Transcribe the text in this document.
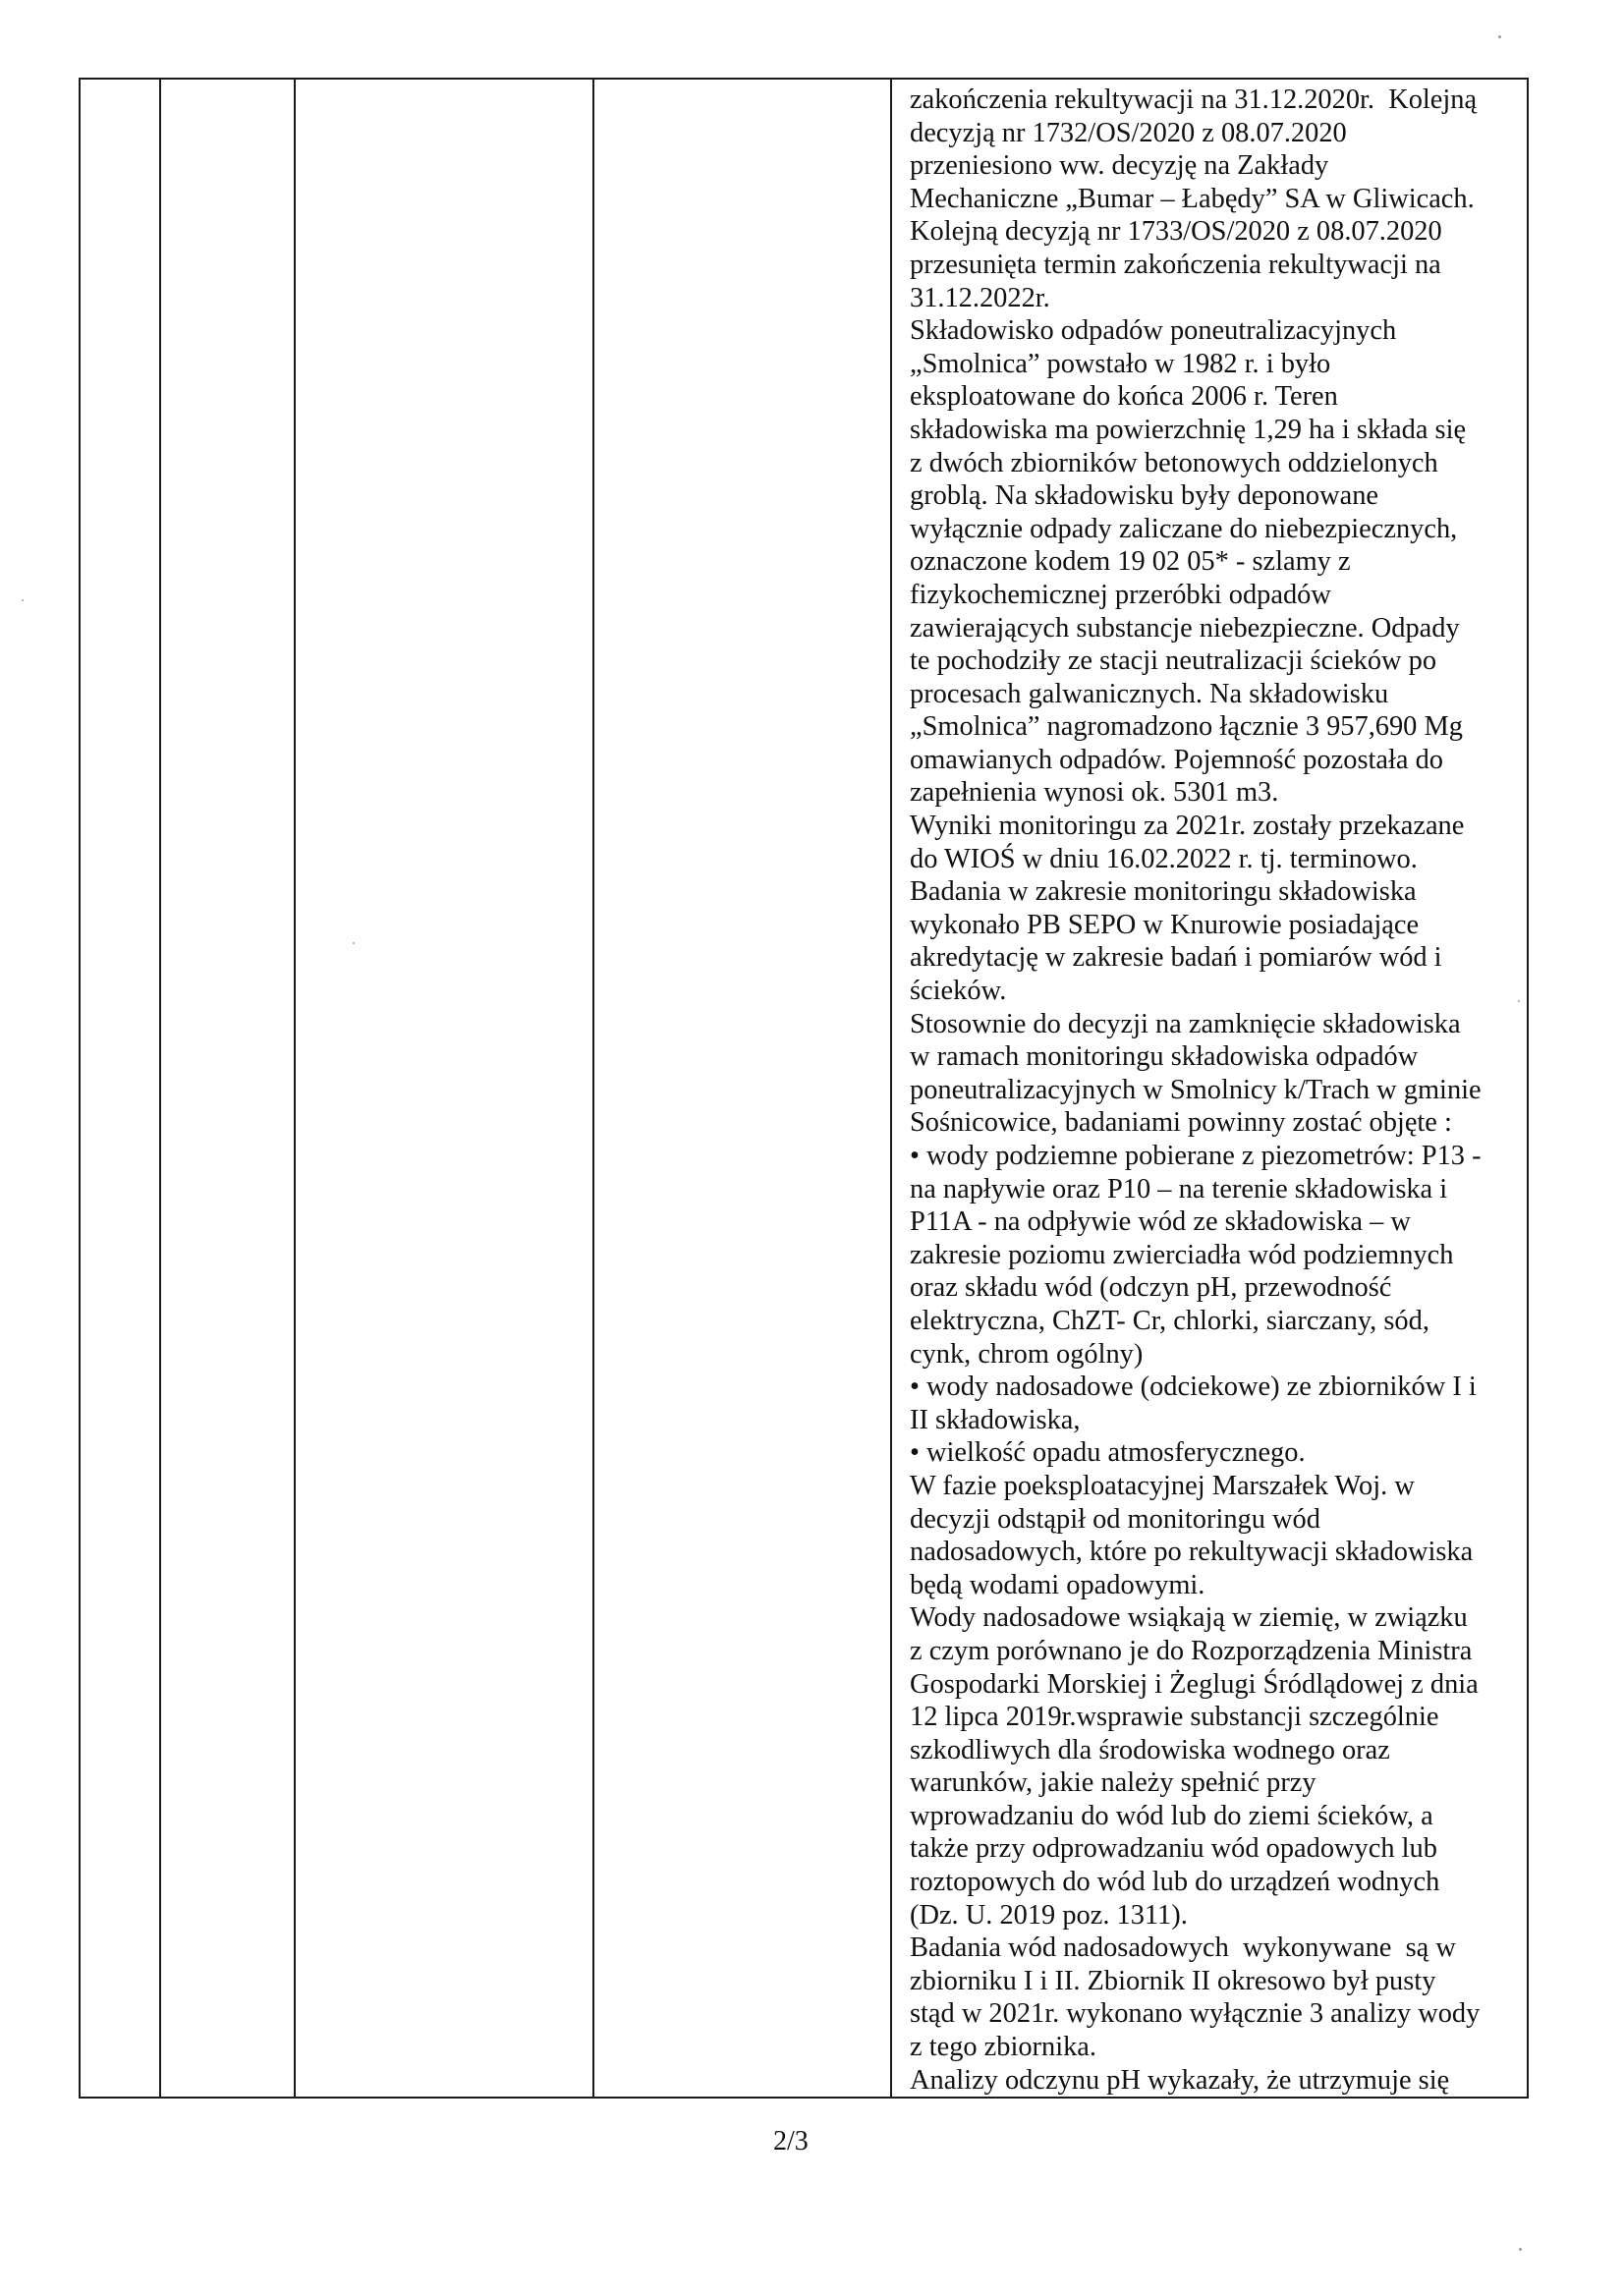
zakończenia rekultywacji na 31.12.2020r.  Kolejną

decyzją nr 1732/OS/2020 z 08.07.2020

przeniesiono ww. decyzję na Zakłady

Mechaniczne „Bumar – Łabędy” SA w Gliwicach.

Kolejną decyzją nr 1733/OS/2020 z 08.07.2020

przesunięta termin zakończenia rekultywacji na

31.12.2022r.

Składowisko odpadów poneutralizacyjnych

„Smolnica” powstało w 1982 r. i było

eksploatowane do końca 2006 r. Teren

składowiska ma powierzchnię 1,29 ha i składa się

z dwóch zbiorników betonowych oddzielonych

groblą. Na składowisku były deponowane

wyłącznie odpady zaliczane do niebezpiecznych,

oznaczone kodem 19 02 05* - szlamy z

fizykochemicznej przeróbki odpadów

zawierających substancje niebezpieczne. Odpady

te pochodziły ze stacji neutralizacji ścieków po

procesach galwanicznych. Na składowisku

„Smolnica” nagromadzono łącznie 3 957,690 Mg

omawianych odpadów. Pojemność pozostała do

zapełnienia wynosi ok. 5301 m3.

Wyniki monitoringu za 2021r. zostały przekazane

do WIOŚ w dniu 16.02.2022 r. tj. terminowo.

Badania w zakresie monitoringu składowiska

wykonało PB SEPO w Knurowie posiadające

akredytację w zakresie badań i pomiarów wód i

ścieków.

Stosownie do decyzji na zamknięcie składowiska

w ramach monitoringu składowiska odpadów

poneutralizacyjnych w Smolnicy k/Trach w gminie

Sośnicowice, badaniami powinny zostać objęte :

• wody podziemne pobierane z piezometrów: P13 -

na napływie oraz P10 – na terenie składowiska i

P11A - na odpływie wód ze składowiska – w

zakresie poziomu zwierciadła wód podziemnych

oraz składu wód (odczyn pH, przewodność

elektryczna, ChZT- Cr, chlorki, siarczany, sód,

cynk, chrom ogólny)

• wody nadosadowe (odciekowe) ze zbiorników I i

II składowiska,

• wielkość opadu atmosferycznego.

W fazie poeksploatacyjnej Marszałek Woj. w

decyzji odstąpił od monitoringu wód

nadosadowych, które po rekultywacji składowiska

będą wodami opadowymi.

Wody nadosadowe wsiąkają w ziemię, w związku

z czym porównano je do Rozporządzenia Ministra

Gospodarki Morskiej i Żeglugi Śródlądowej z dnia

12 lipca 2019r.wsprawie substancji szczególnie

szkodliwych dla środowiska wodnego oraz

warunków, jakie należy spełnić przy

wprowadzaniu do wód lub do ziemi ścieków, a

także przy odprowadzaniu wód opadowych lub

roztopowych do wód lub do urządzeń wodnych

(Dz. U. 2019 poz. 1311).

Badania wód nadosadowych  wykonywane  są w

zbiorniku I i II. Zbiornik II okresowo był pusty

stąd w 2021r. wykonano wyłącznie 3 analizy wody

z tego zbiornika.

Analizy odczynu pH wykazały, że utrzymuje się

2/3
